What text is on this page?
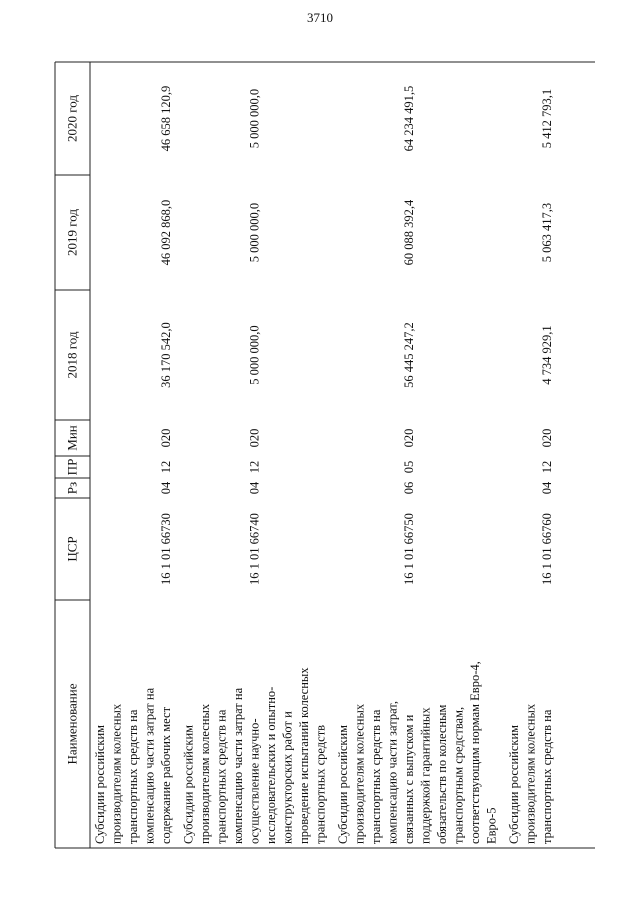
3710
Наименование
ЦСР
Рз
ПР
Мин
2018 год
2019 год
2020 год
Субсидии российским производителям колесных транспортных средств на компенсацию части затрат на содержание рабочих мест
16 1 01 66730
04
12
020
36 170 542,0
46 092 868,0
46 658 120,9
Субсидии российским производителям колесных транспортных средств на компенсацию части затрат на осуществление научно- исследовательских и опытно- конструкторских работ и проведение испытаний колесных транспортных средств
16 1 01 66740
04
12
020
5 000 000,0
5 000 000,0
5 000 000,0
Субсидии российским производителям колесных транспортных средств на компенсацию части затрат, связанных с выпуском и поддержкой гарантийных обязательств по колесным транспортным средствам, соответствующим нормам Евро-4, Евро-5
16 1 01 66750
06
05
020
56 445 247,2
60 088 392,4
64 234 491,5
Субсидии российским производителям колесных транспортных средств на
16 1 01 66760
04
12
020
4 734 929,1
5 063 417,3
5 412 793,1
